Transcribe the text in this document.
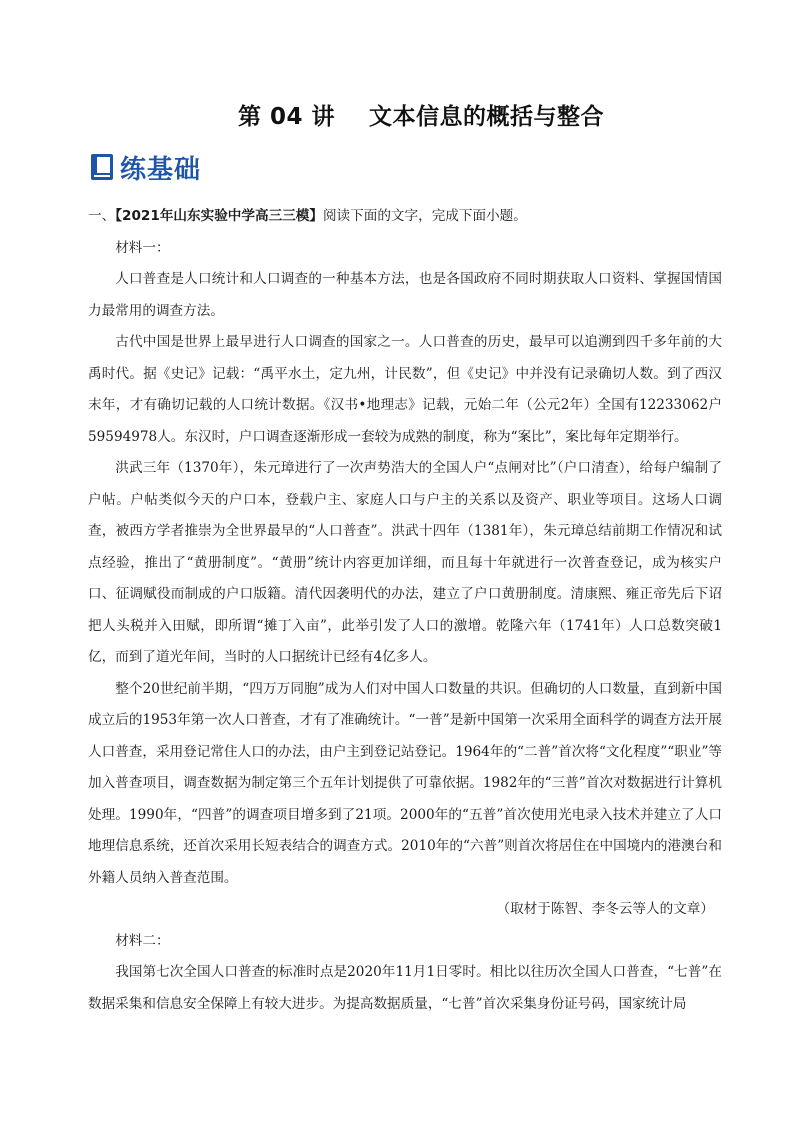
第 04 讲 文本信息的概括与整合
练基础

一、【2021年山东实验中学高三三模】阅读下面的文字，完成下面小题。

材料一：

人口普查是人口统计和人口调查的一种基本方法，也是各国政府不同时期获取人口资料、掌握国情国力最常用的调查方法。

古代中国是世界上最早进行人口调查的国家之一。人口普查的历史，最早可以追溯到四千多年前的大禹时代。据《史记》记载：“禹平水土，定九州，计民数”，但《史记》中并没有记录确切人数。到了西汉末年，才有确切记载的人口统计数据。《汉书•地理志》记载，元始二年（公元2年）全国有12233062户59594978人。东汉时，户口调查逐渐形成一套较为成熟的制度，称为“案比”，案比每年定期举行。

洪武三年（1370年），朱元璋进行了一次声势浩大的全国人户“点闸对比”（户口清查），给每户编制了户帖。户帖类似今天的户口本，登载户主、家庭人口与户主的关系以及资产、职业等项目。这场人口调查，被西方学者推崇为全世界最早的“人口普查”。洪武十四年（1381年），朱元璋总结前期工作情况和试点经验，推出了“黄册制度”。“黄册”统计内容更加详细，而且每十年就进行一次普查登记，成为核实户口、征调赋役而制成的户口版籍。清代因袭明代的办法，建立了户口黄册制度。清康熙、雍正帝先后下诏把人头税并入田赋，即所谓“摊丁入亩”，此举引发了人口的激增。乾隆六年（1741年）人口总数突破1亿，而到了道光年间，当时的人口据统计已经有4亿多人。

整个20世纪前半期，“四万万同胞”成为人们对中国人口数量的共识。但确切的人口数量，直到新中国成立后的1953年第一次人口普查，才有了准确统计。“一普”是新中国第一次采用全面科学的调查方法开展人口普查，采用登记常住人口的办法，由户主到登记站登记。1964年的“二普”首次将“文化程度”“职业”等加入普查项目，调查数据为制定第三个五年计划提供了可靠依据。1982年的“三普”首次对数据进行计算机处理。1990年，“四普”的调查项目增多到了21项。2000年的“五普”首次使用光电录入技术并建立了人口地理信息系统，还首次采用长短表结合的调查方式。2010年的“六普”则首次将居住在中国境内的港澳台和外籍人员纳入普查范围。

（取材于陈智、李冬云等人的文章）

材料二：

我国第七次全国人口普查的标准时点是2020年11月1日零时。相比以往历次全国人口普查，“七普”在数据采集和信息安全保障上有较大进步。为提高数据质量，“七普”首次采集身份证号码，国家统计局
